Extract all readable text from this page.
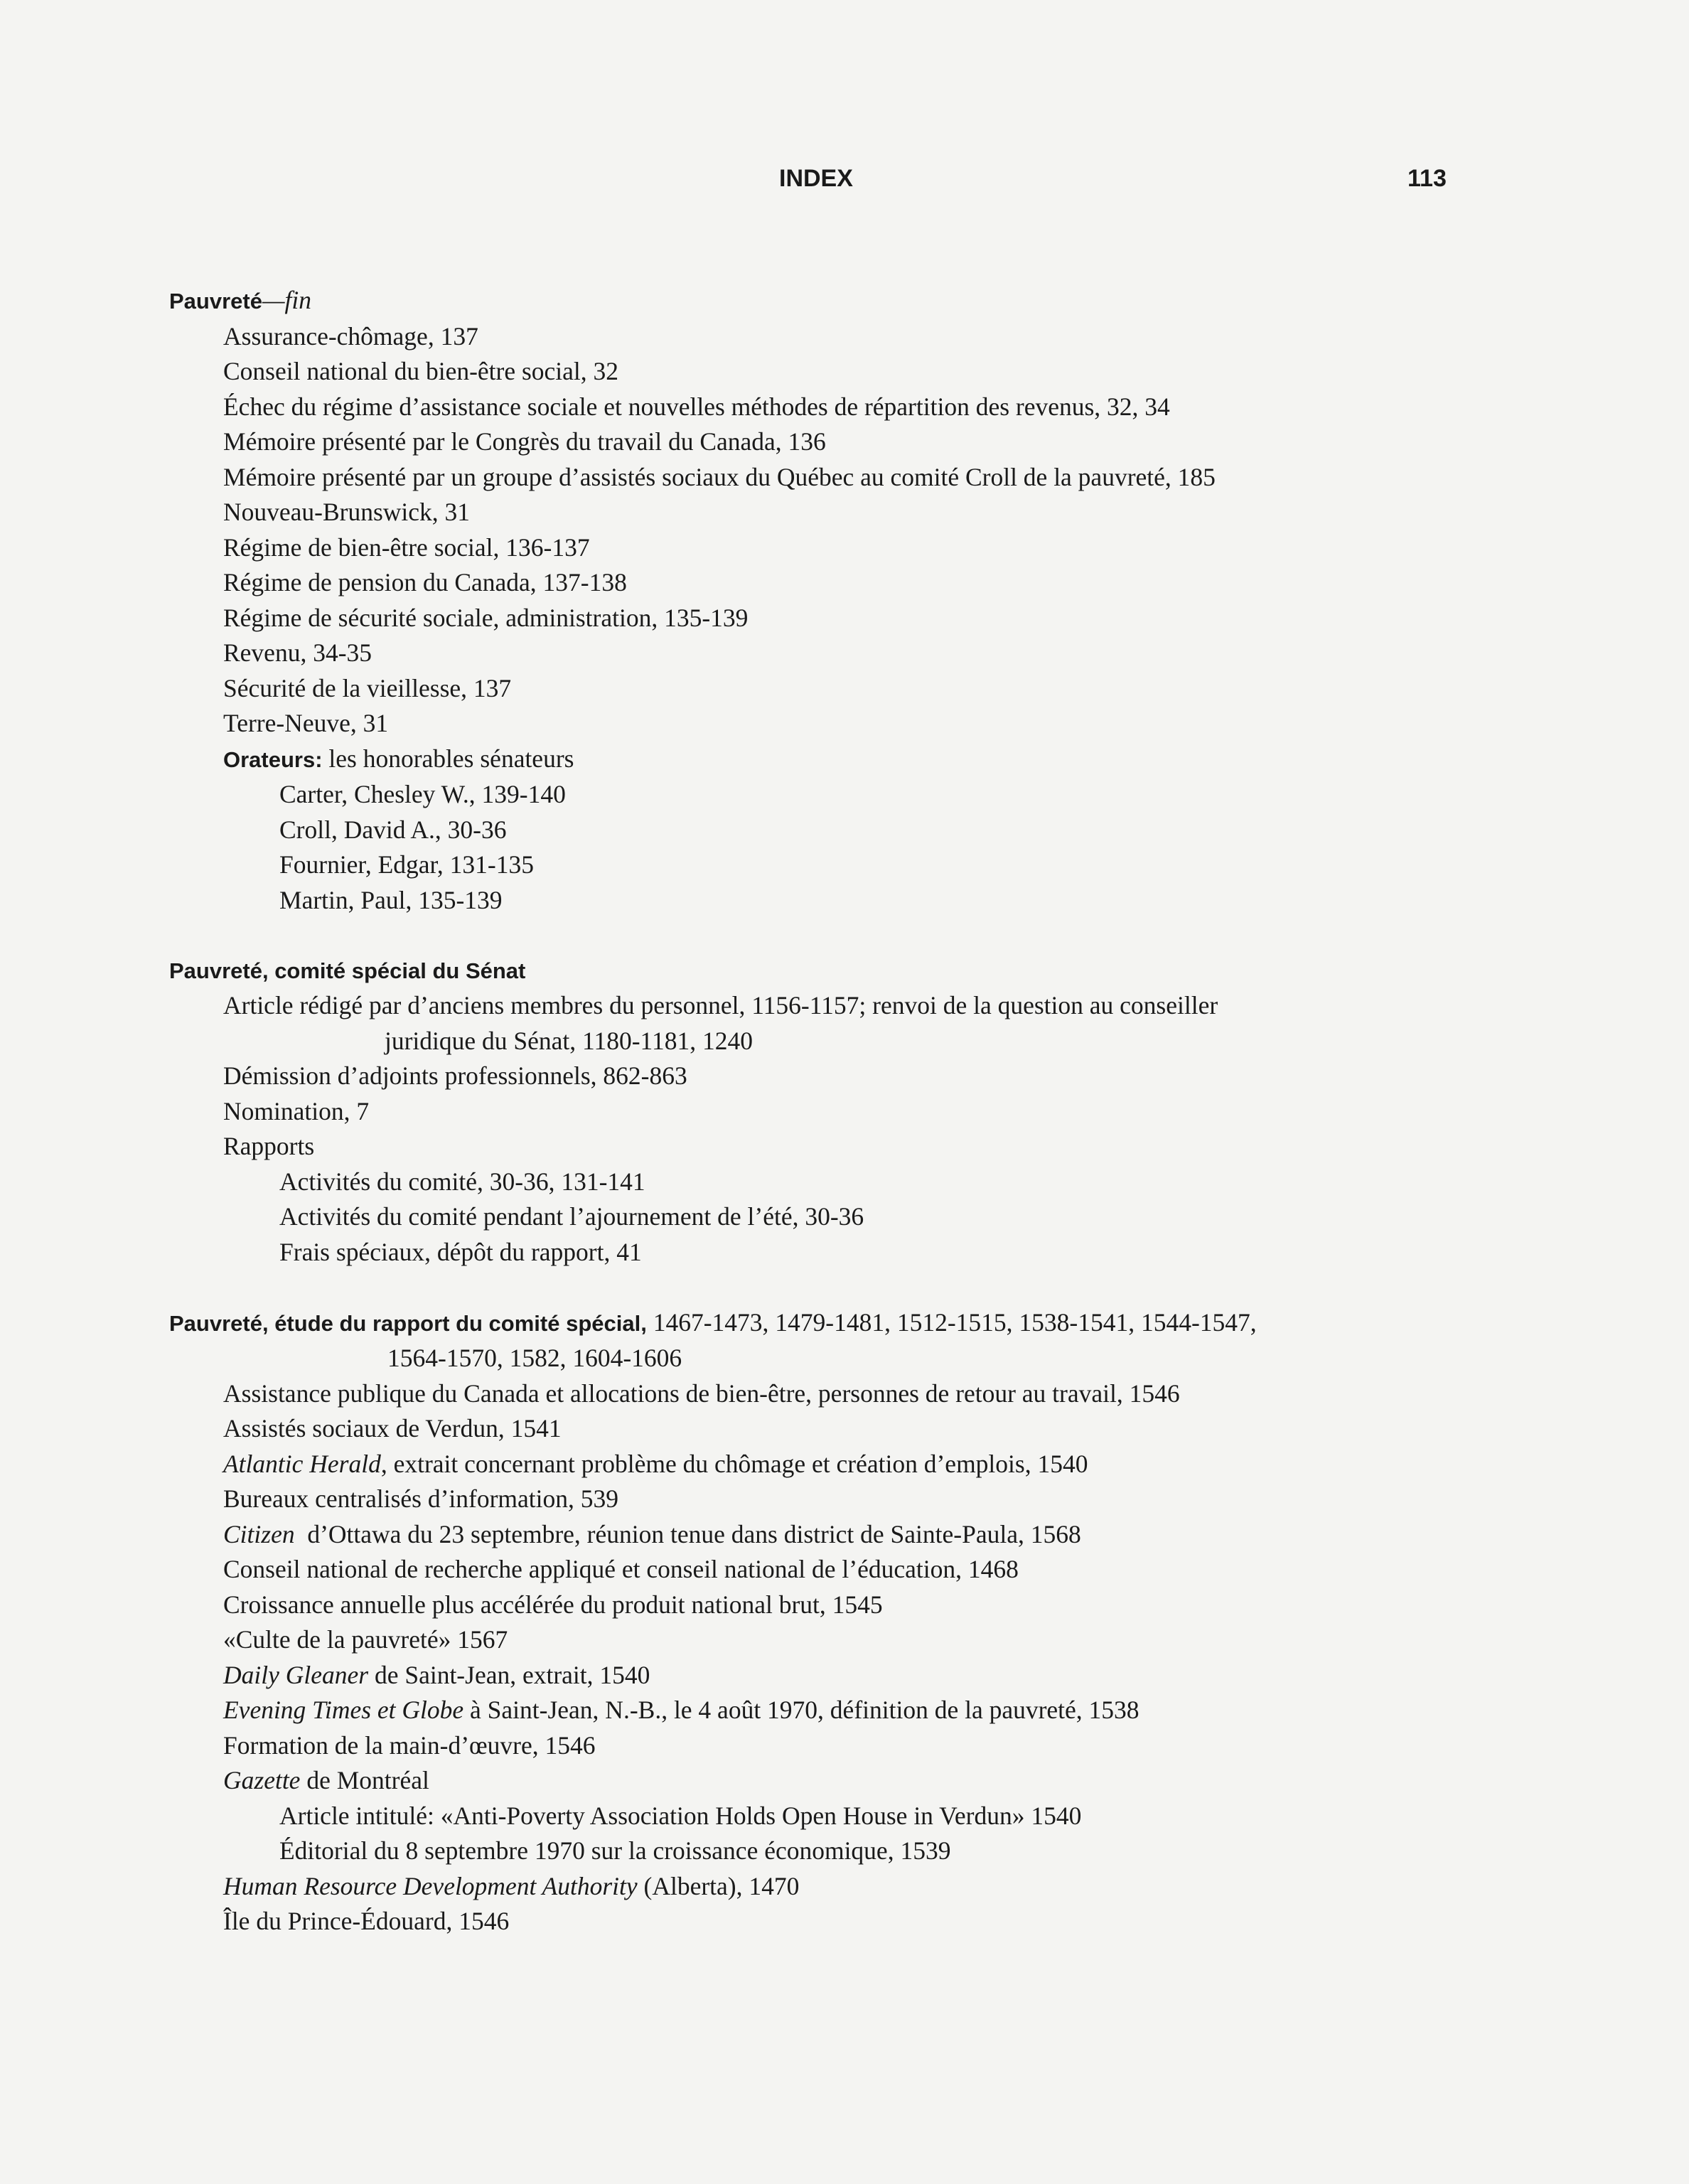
INDEX	113
Pauvreté—fin
Assurance-chômage, 137
Conseil national du bien-être social, 32
Échec du régime d’assistance sociale et nouvelles méthodes de répartition des revenus, 32, 34
Mémoire présenté par le Congrès du travail du Canada, 136
Mémoire présenté par un groupe d’assistés sociaux du Québec au comité Croll de la pauvreté, 185
Nouveau-Brunswick, 31
Régime de bien-être social, 136-137
Régime de pension du Canada, 137-138
Régime de sécurité sociale, administration, 135-139
Revenu, 34-35
Sécurité de la vieillesse, 137
Terre-Neuve, 31
Orateurs: les honorables sénateurs
Carter, Chesley W., 139-140
Croll, David A., 30-36
Fournier, Edgar, 131-135
Martin, Paul, 135-139
Pauvreté, comité spécial du Sénat
Article rédigé par d’anciens membres du personnel, 1156-1157; renvoi de la question au conseiller
juridique du Sénat, 1180-1181, 1240
Démission d’adjoints professionnels, 862-863
Nomination, 7
Rapports
Activités du comité, 30-36, 131-141
Activités du comité pendant l’ajournement de l’été, 30-36
Frais spéciaux, dépôt du rapport, 41
Pauvreté, étude du rapport du comité spécial, 1467-1473, 1479-1481, 1512-1515, 1538-1541, 1544-1547,
1564-1570, 1582, 1604-1606
Assistance publique du Canada et allocations de bien-être, personnes de retour au travail, 1546
Assistés sociaux de Verdun, 1541
Atlantic Herald, extrait concernant problème du chômage et création d’emplois, 1540
Bureaux centralisés d’information, 539
Citizen  d’Ottawa du 23 septembre, réunion tenue dans district de Sainte-Paula, 1568
Conseil national de recherche appliqué et conseil national de l’éducation, 1468
Croissance annuelle plus accélérée du produit national brut, 1545
«Culte de la pauvreté» 1567
Daily Gleaner de Saint-Jean, extrait, 1540
Evening Times et Globe à Saint-Jean, N.-B., le 4 août 1970, définition de la pauvreté, 1538
Formation de la main-d’œuvre, 1546
Gazette de Montréal
Article intitulé: «Anti-Poverty Association Holds Open House in Verdun» 1540
Éditorial du 8 septembre 1970 sur la croissance économique, 1539
Human Resource Development Authority (Alberta), 1470
Île du Prince-Édouard, 1546
